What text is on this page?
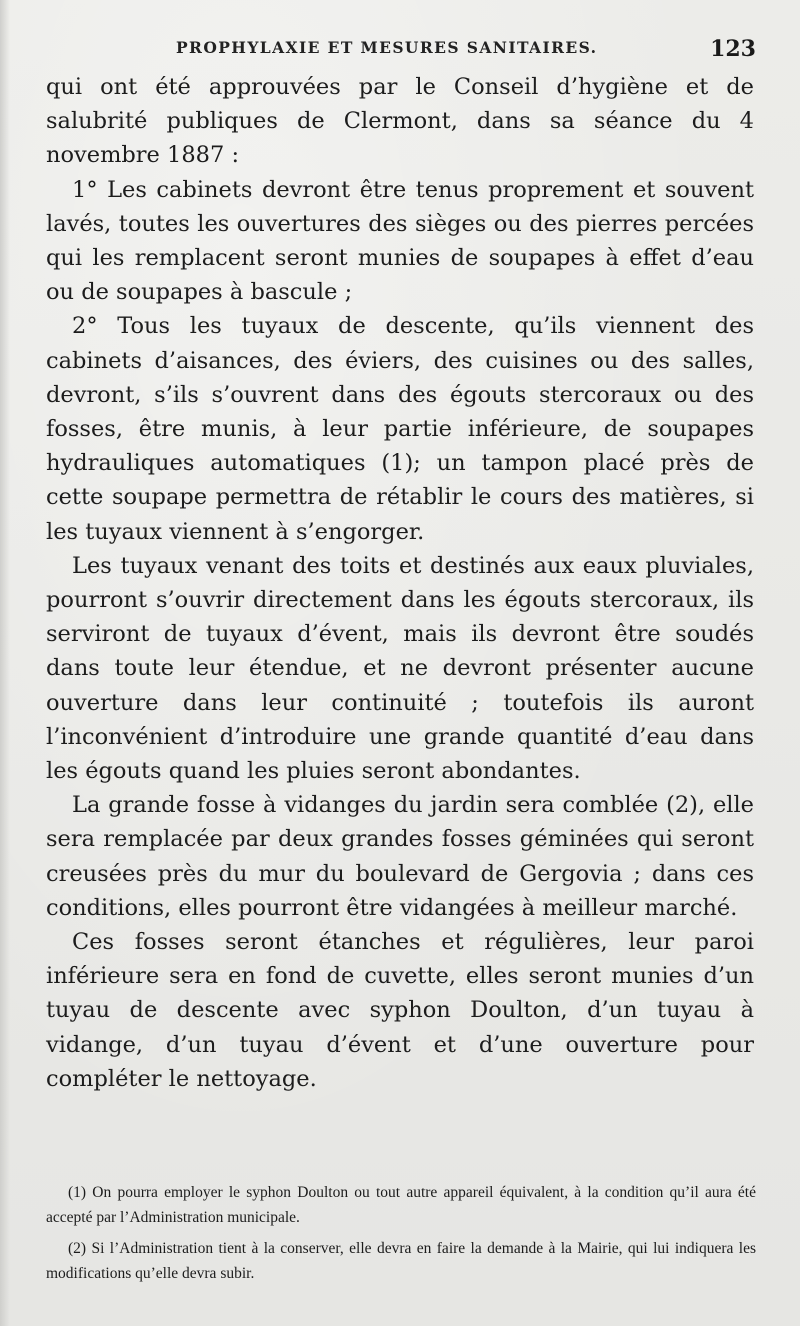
PROPHYLAXIE ET MESURES SANITAIRES.	123

qui ont été approuvées par le Conseil d’hygiène et de salubrité publiques de Clermont, dans sa séance du 4 novembre 1887 :

1° Les cabinets devront être tenus proprement et souvent lavés, toutes les ouvertures des sièges ou des pierres percées qui les remplacent seront munies de soupapes à effet d’eau ou de soupapes à bascule ;

2° Tous les tuyaux de descente, qu’ils viennent des cabinets d’aisances, des éviers, des cuisines ou des salles, devront, s’ils s’ouvrent dans des égouts stercoraux ou des fosses, être munis, à leur partie inférieure, de soupapes hydrauliques automatiques (1); un tampon placé près de cette soupape permettra de rétablir le cours des matières, si les tuyaux viennent à s’engorger.

Les tuyaux venant des toits et destinés aux eaux pluviales, pourront s’ouvrir directement dans les égouts stercoraux, ils serviront de tuyaux d’évent, mais ils devront être soudés dans toute leur étendue, et ne devront présenter aucune ouverture dans leur continuité ; toutefois ils auront l’inconvénient d’introduire une grande quantité d’eau dans les égouts quand les pluies seront abondantes.

La grande fosse à vidanges du jardin sera comblée (2), elle sera remplacée par deux grandes fosses géminées qui seront creusées près du mur du boulevard de Gergovia ; dans ces conditions, elles pourront être vidangées à meilleur marché.

Ces fosses seront étanches et régulières, leur paroi inférieure sera en fond de cuvette, elles seront munies d’un tuyau de descente avec syphon Doulton, d’un tuyau à vidange, d’un tuyau d’évent et d’une ouverture pour compléter le nettoyage.

(1) On pourra employer le syphon Doulton ou tout autre appareil équivalent, à la condition qu’il aura été accepté par l’Administration municipale.

(2) Si l’Administration tient à la conserver, elle devra en faire la demande à la Mairie, qui lui indiquera les modifications qu’elle devra subir.
